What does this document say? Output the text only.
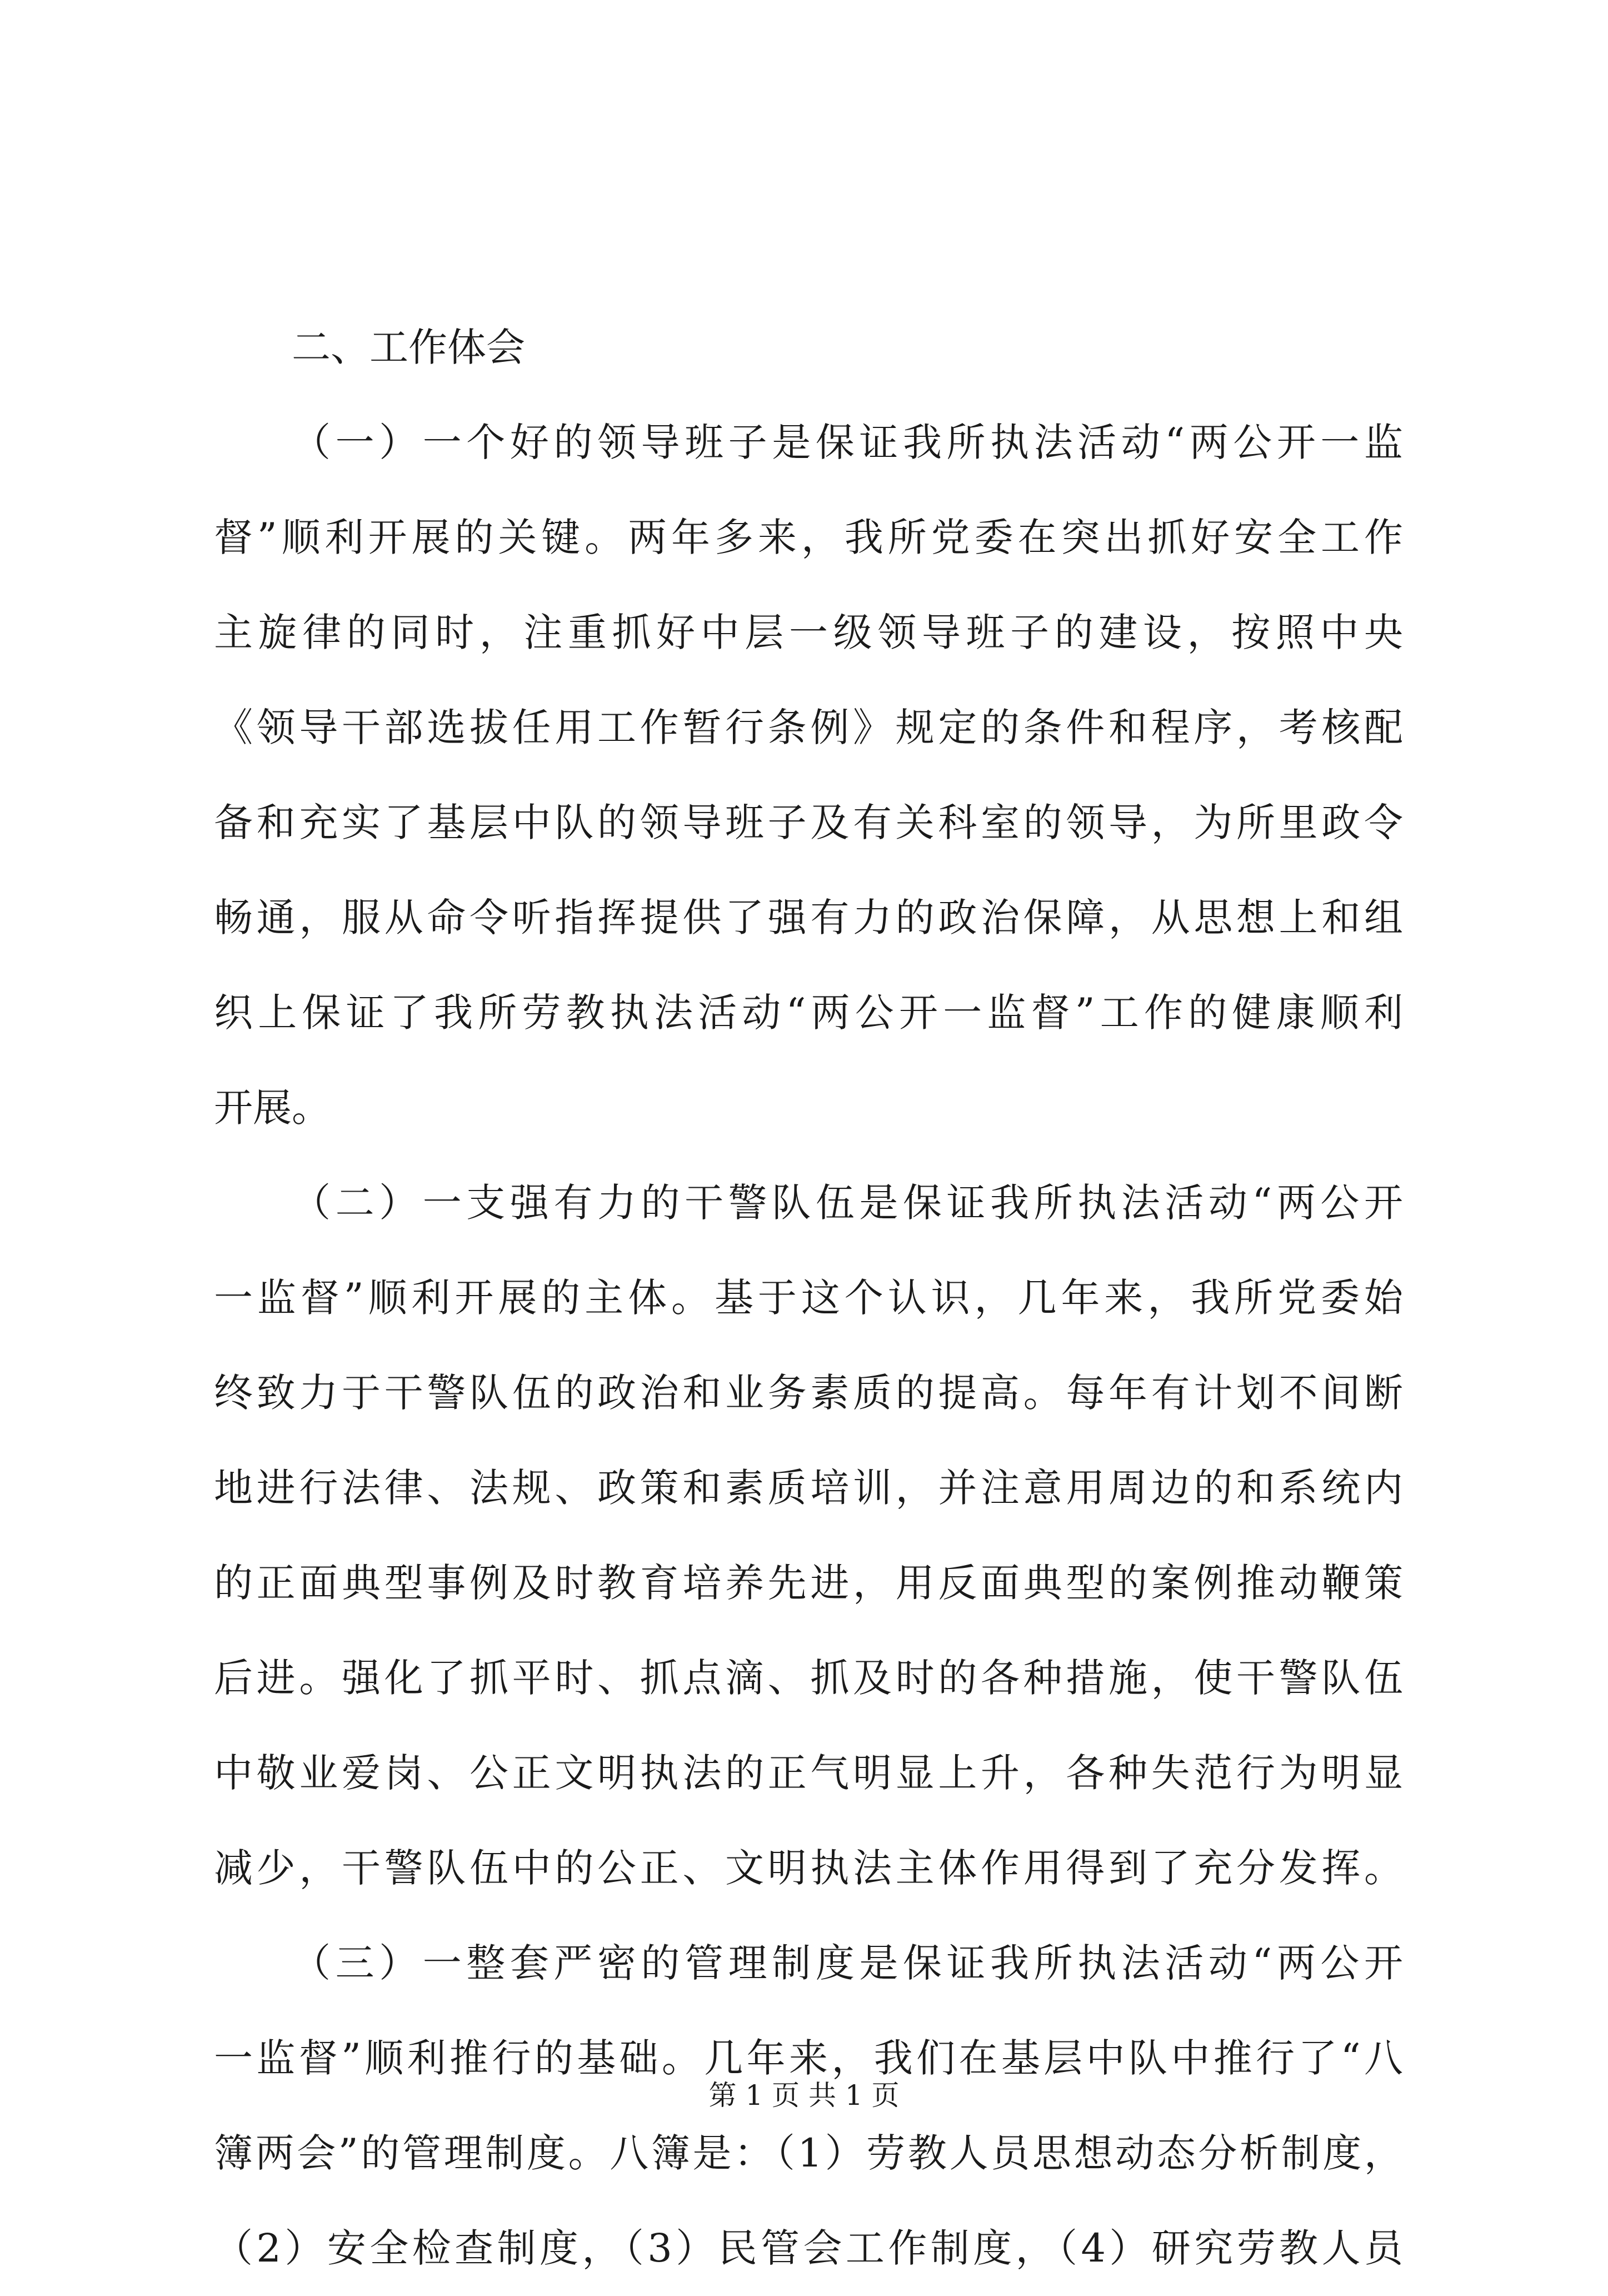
二、工作体会
（一）一个好的领导班子是保证我所执法活动“两公开一监
督”顺利开展的关键。两年多来，我所党委在突出抓好安全工作
主旋律的同时，注重抓好中层一级领导班子的建设，按照中央
《领导干部选拔任用工作暂行条例》规定的条件和程序，考核配
备和充实了基层中队的领导班子及有关科室的领导，为所里政令
畅通，服从命令听指挥提供了强有力的政治保障，从思想上和组
织上保证了我所劳教执法活动“两公开一监督”工作的健康顺利
开展。
（二）一支强有力的干警队伍是保证我所执法活动“两公开
一监督”顺利开展的主体。基于这个认识，几年来，我所党委始
终致力于干警队伍的政治和业务素质的提高。每年有计划不间断
地进行法律、法规、政策和素质培训，并注意用周边的和系统内
的正面典型事例及时教育培养先进，用反面典型的案例推动鞭策
后进。强化了抓平时、抓点滴、抓及时的各种措施，使干警队伍
中敬业爱岗、公正文明执法的正气明显上升，各种失范行为明显
减少，干警队伍中的公正、文明执法主体作用得到了充分发挥。
（三）一整套严密的管理制度是保证我所执法活动“两公开
一监督”顺利推行的基础。几年来，我们在基层中队中推行了“八
簿两会”的管理制度。八簿是：（1）劳教人员思想动态分析制度，
（2）安全检查制度，（3）民管会工作制度，（4）研究劳教人员
第 1 页 共 1 页
